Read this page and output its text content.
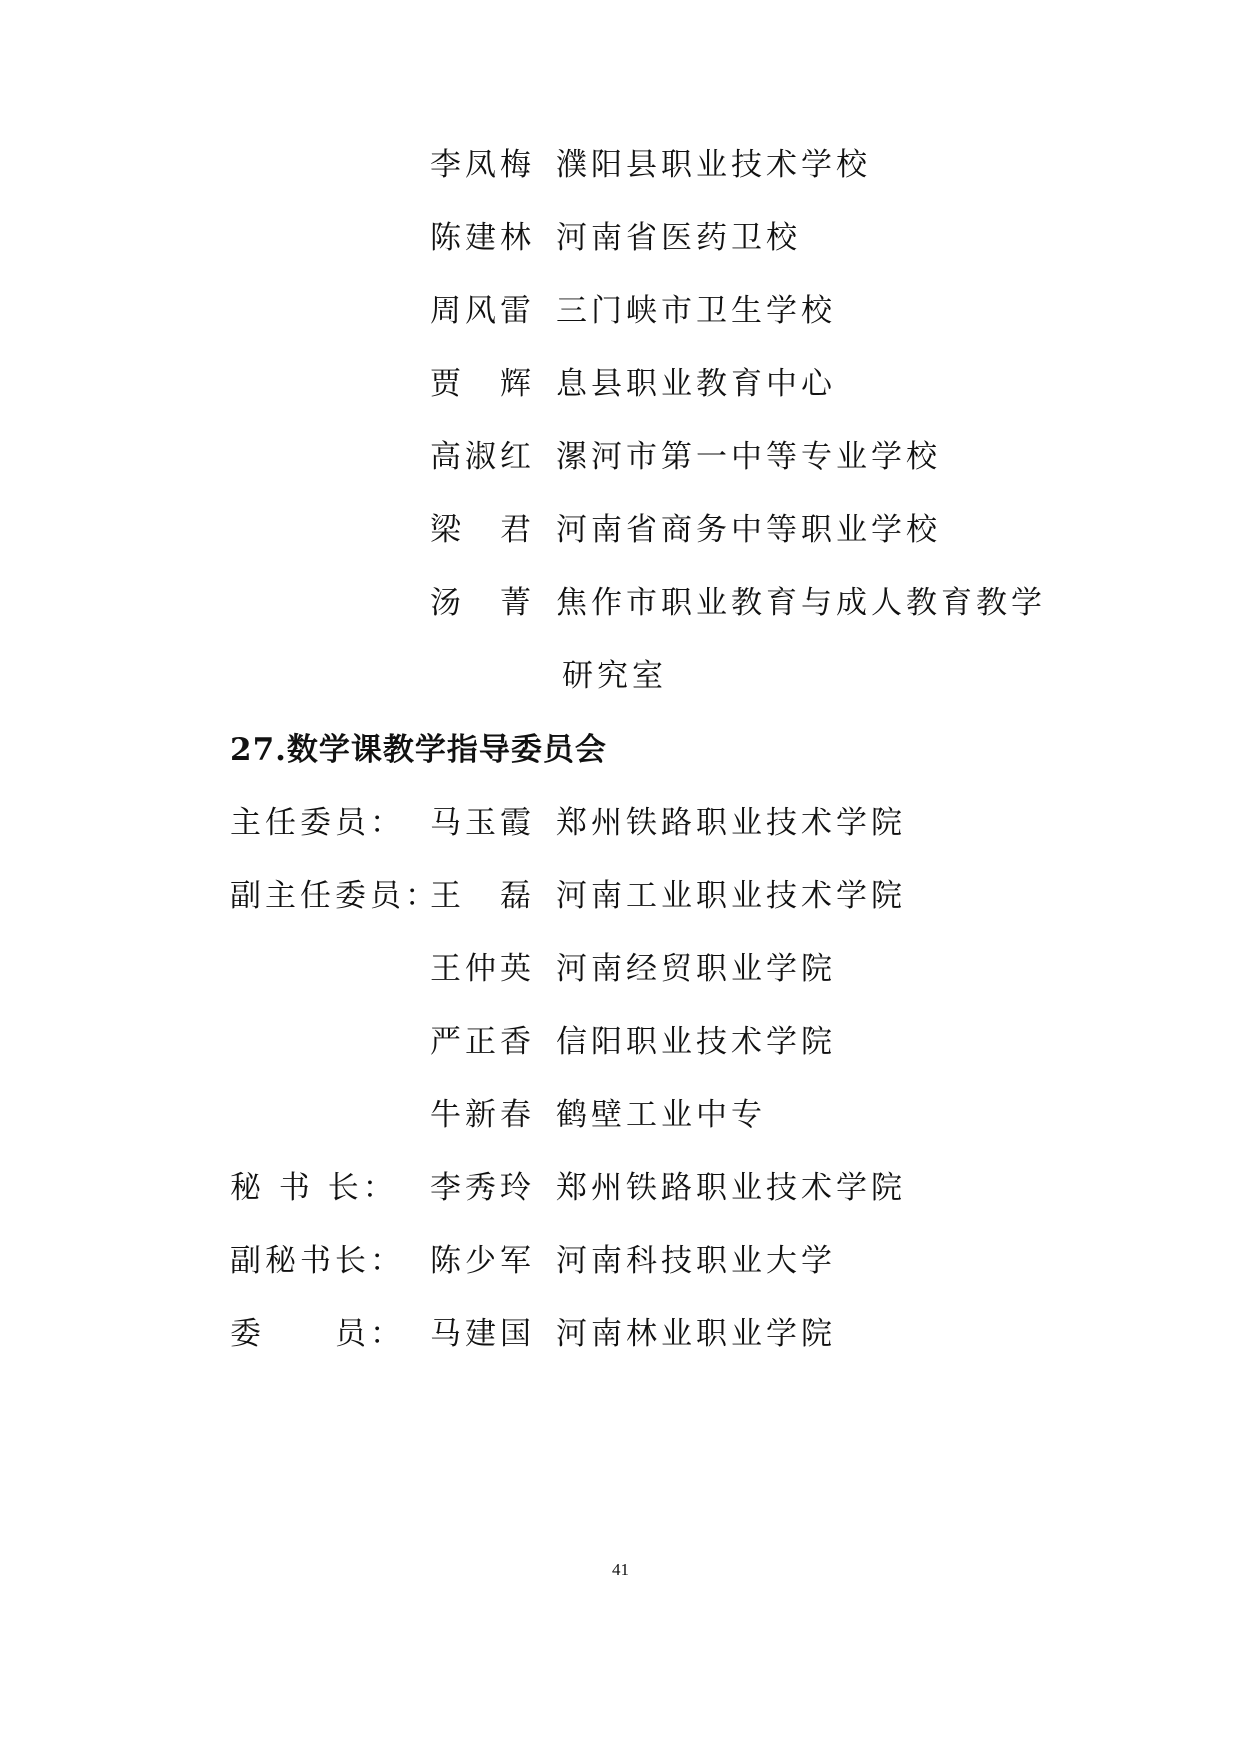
李凤梅 濮阳县职业技术学校
陈建林 河南省医药卫校
周风雷 三门峡市卫生学校
贾　辉 息县职业教育中心
高淑红 漯河市第一中等专业学校
梁　君 河南省商务中等职业学校
汤　菁 焦作市职业教育与成人教育教学
研究室
27.数学课教学指导委员会
主任委员： 马玉霞 郑州铁路职业技术学院
副主任委员：
王　磊 河南工业职业技术学院
王仲英 河南经贸职业学院
严正香 信阳职业技术学院
牛新春 鹤壁工业中专
秘 书 长： 李秀玲 郑州铁路职业技术学院
副秘书长： 陈少军 河南科技职业大学
委　　员： 马建国 河南林业职业学院
41
